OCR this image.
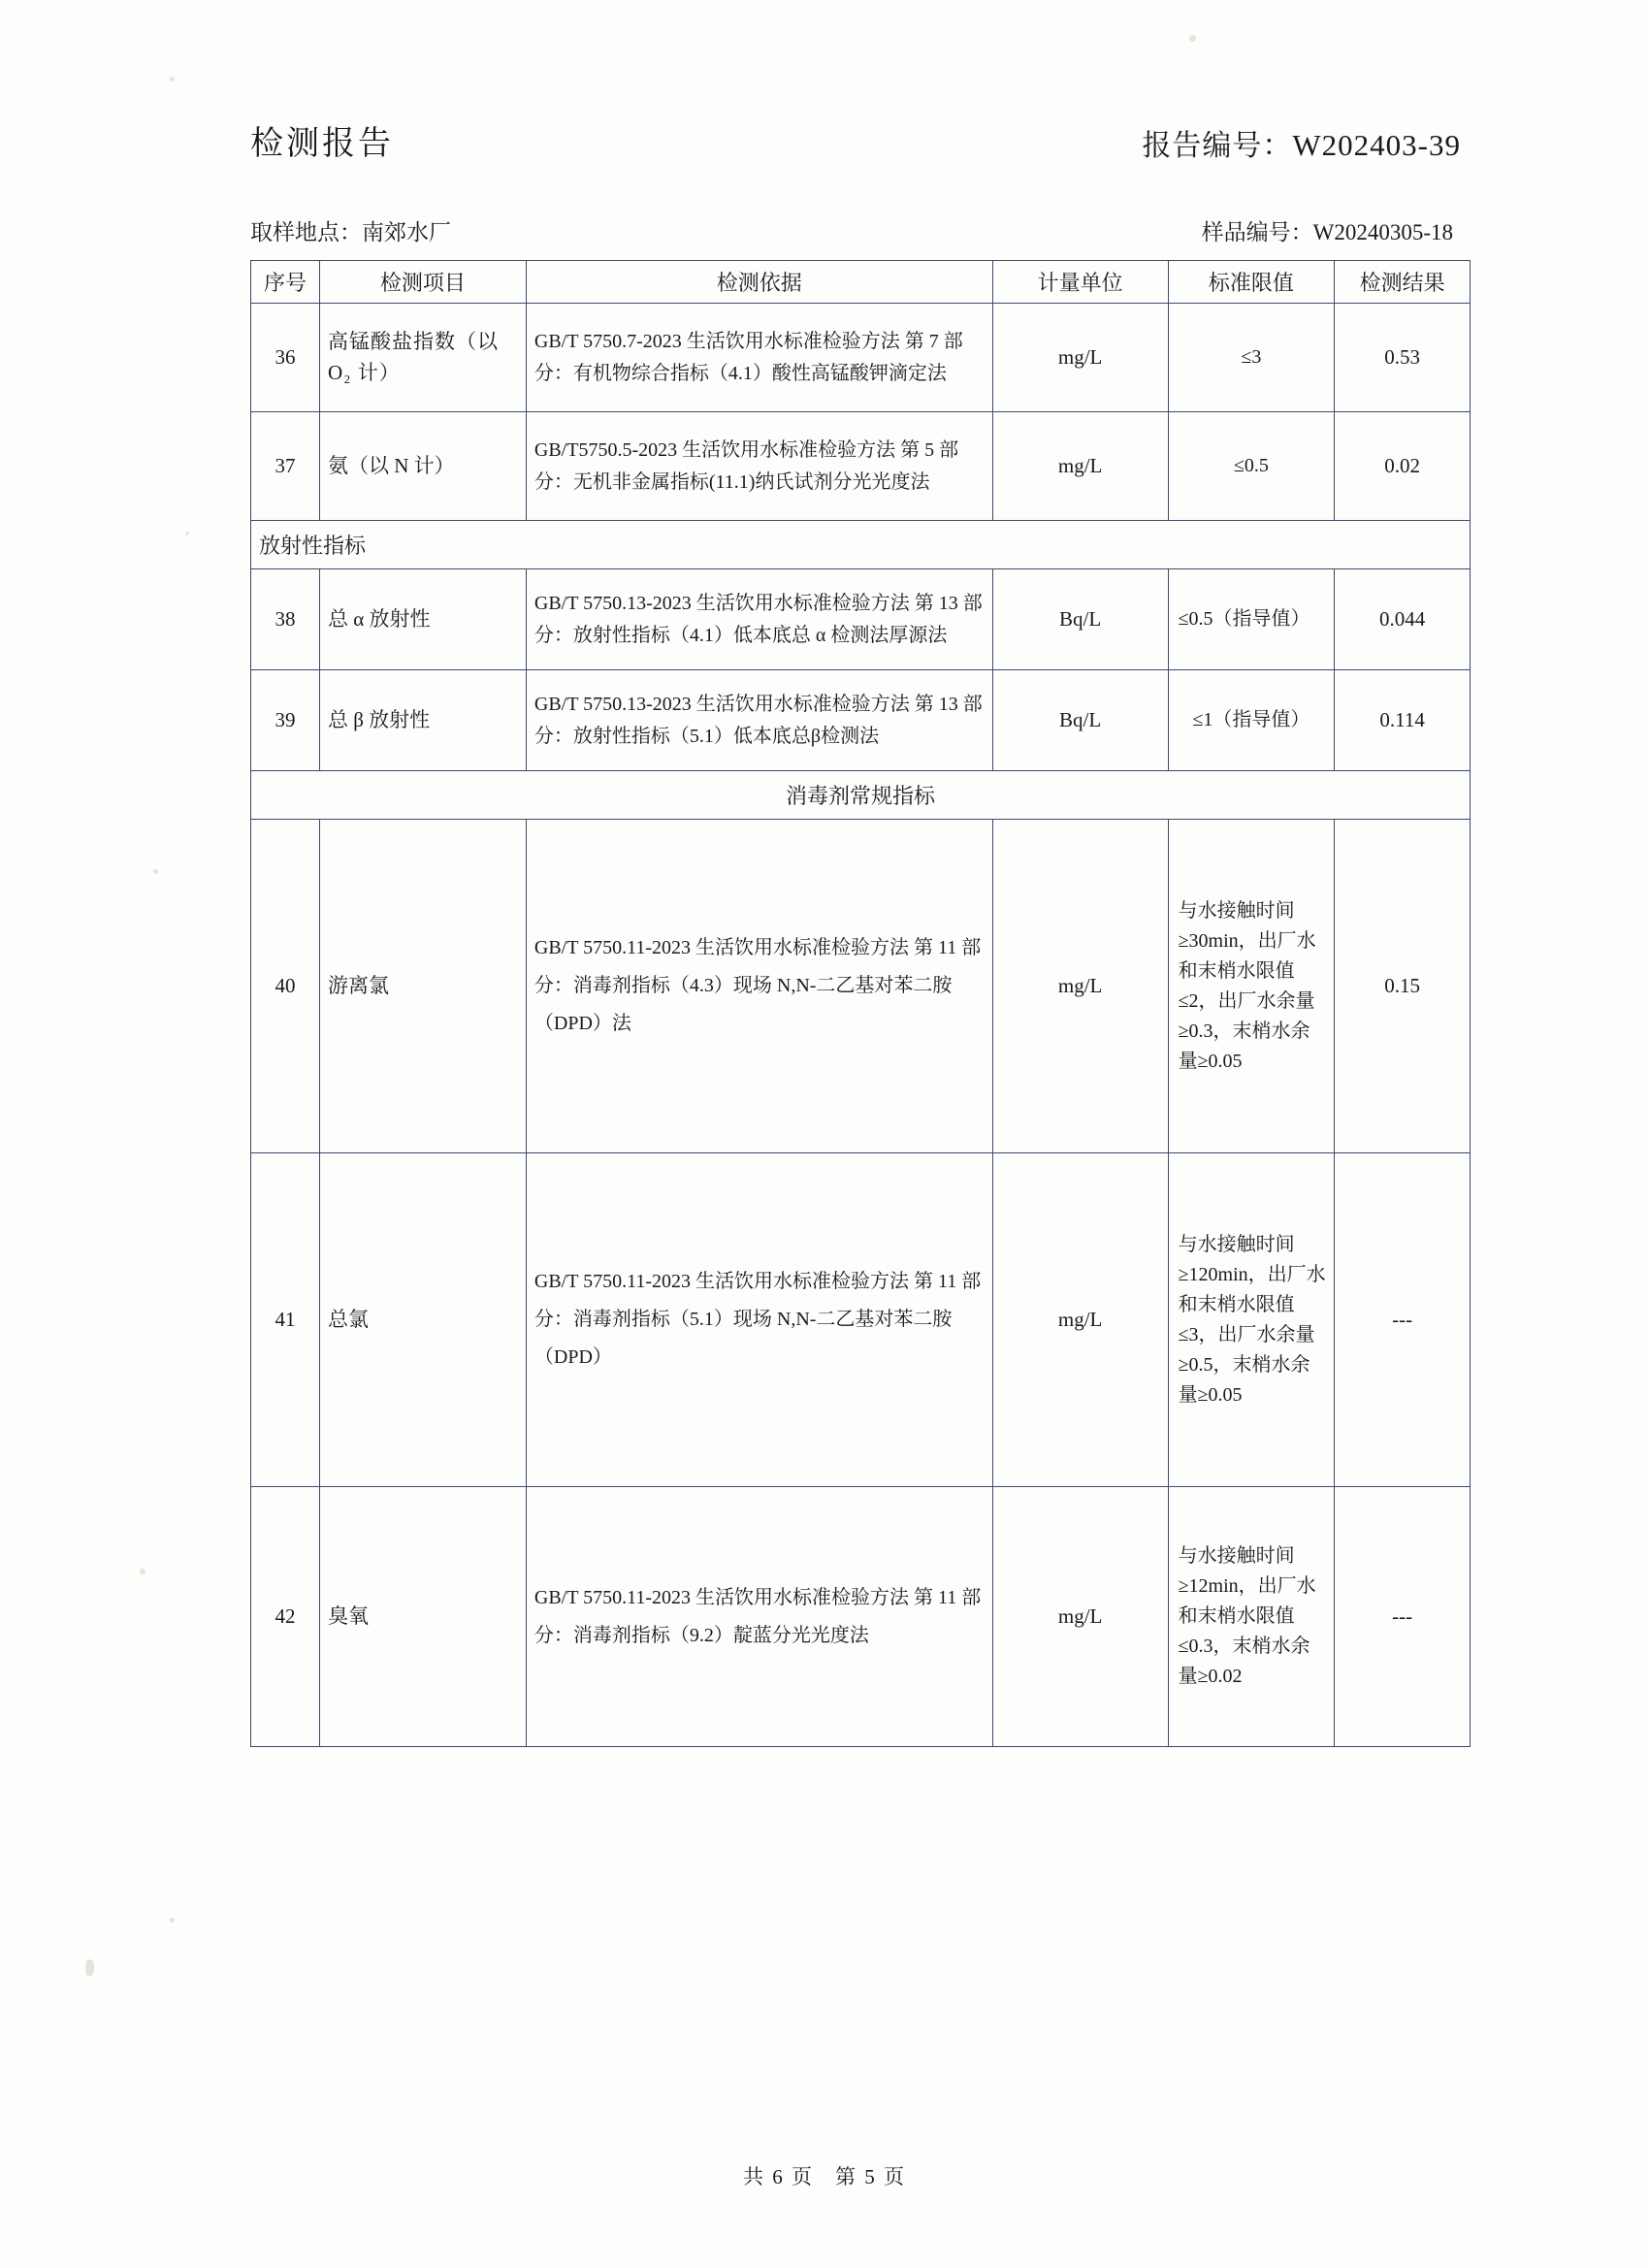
检测报告	报告编号：W202403-39
取样地点：南郊水厂	样品编号：W20240305-18
序号	检测项目	检测依据	计量单位	标准限值	检测结果
36	高锰酸盐指数（以 O₂ 计）	GB/T 5750.7-2023 生活饮用水标准检验方法 第 7 部分：有机物综合指标（4.1）酸性高锰酸钾滴定法	mg/L	≤3	0.53
37	氨（以 N 计）	GB/T5750.5-2023 生活饮用水标准检验方法 第 5 部分：无机非金属指标(11.1)纳氏试剂分光光度法	mg/L	≤0.5	0.02
放射性指标					
38	总 α 放射性	GB/T 5750.13-2023 生活饮用水标准检验方法 第 13 部分：放射性指标（4.1）低本底总 α 检测法厚源法	Bq/L	≤0.5（指导值）	0.044
39	总 β 放射性	GB/T 5750.13-2023 生活饮用水标准检验方法 第 13 部分：放射性指标（5.1）低本底总β检测法	Bq/L	≤1（指导值）	0.114
消毒剂常规指标					
40	游离氯	GB/T 5750.11-2023 生活饮用水标准检验方法 第 11 部分：消毒剂指标（4.3）现场 N,N-二乙基对苯二胺（DPD）法	mg/L	与水接触时间≥30min，出厂水和末梢水限值≤2，出厂水余量≥0.3，末梢水余量≥0.05	0.15
41	总氯	GB/T 5750.11-2023 生活饮用水标准检验方法 第 11 部分：消毒剂指标（5.1）现场 N,N-二乙基对苯二胺（DPD）	mg/L	与水接触时间≥120min，出厂水和末梢水限值≤3，出厂水余量≥0.5，末梢水余量≥0.05	---
42	臭氧	GB/T 5750.11-2023 生活饮用水标准检验方法 第 11 部分：消毒剂指标（9.2）靛蓝分光光度法	mg/L	与水接触时间≥12min，出厂水和末梢水限值≤0.3，末梢水余量≥0.02	---
共 6 页 第 5 页
